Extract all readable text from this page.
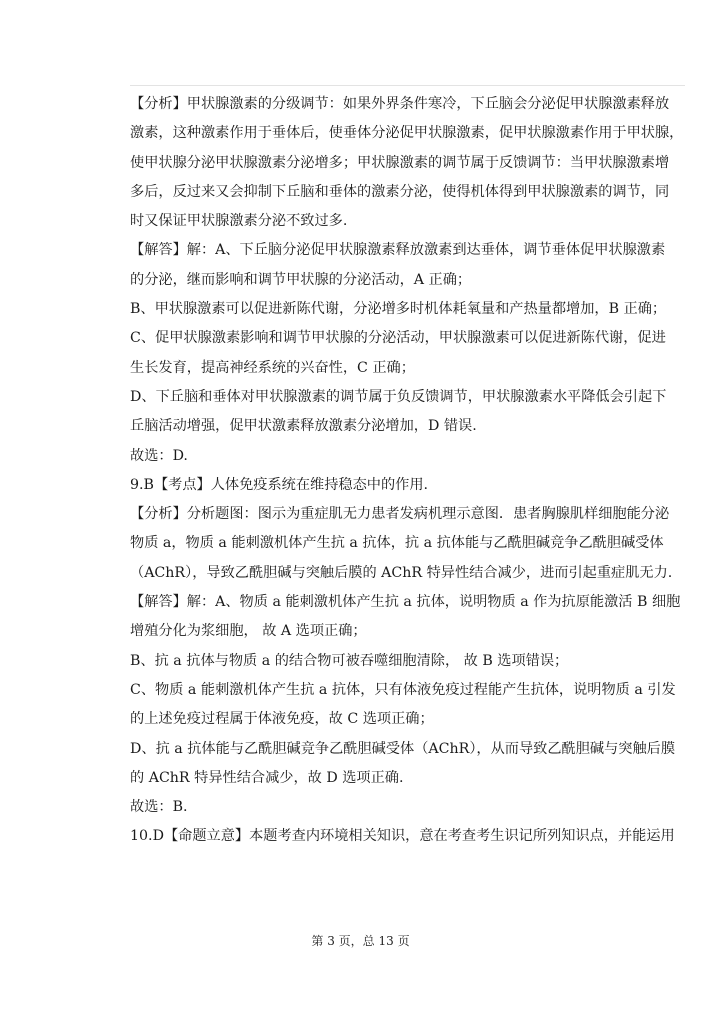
【分析】甲状腺激素的分级调节：如果外界条件寒冷，下丘脑会分泌促甲状腺激素释放
激素，这种激素作用于垂体后，使垂体分泌促甲状腺激素，促甲状腺激素作用于甲状腺，
使甲状腺分泌甲状腺激素分泌增多；甲状腺激素的调节属于反馈调节：当甲状腺激素增
多后，反过来又会抑制下丘脑和垂体的激素分泌，使得机体得到甲状腺激素的调节，同
时又保证甲状腺激素分泌不致过多.
【解答】解：A、下丘脑分泌促甲状腺激素释放激素到达垂体，调节垂体促甲状腺激素
的分泌，继而影响和调节甲状腺的分泌活动，A 正确；
B、甲状腺激素可以促进新陈代谢，分泌增多时机体耗氧量和产热量都增加，B 正确；
C、促甲状腺激素影响和调节甲状腺的分泌活动，甲状腺激素可以促进新陈代谢，促进
生长发育，提高神经系统的兴奋性，C 正确；
D、下丘脑和垂体对甲状腺激素的调节属于负反馈调节，甲状腺激素水平降低会引起下
丘脑活动增强，促甲状激素释放激素分泌增加，D 错误.
故选：D.
9.B【考点】人体免疫系统在维持稳态中的作用.
【分析】分析题图：图示为重症肌无力患者发病机理示意图．患者胸腺肌样细胞能分泌
物质 a，物质 a 能刺激机体产生抗 a 抗体，抗 a 抗体能与乙酰胆碱竞争乙酰胆碱受体
（AChR），导致乙酰胆碱与突触后膜的 AChR 特异性结合减少，进而引起重症肌无力.
【解答】解：A、物质 a 能刺激机体产生抗 a 抗体，说明物质 a 作为抗原能激活 B 细胞
增殖分化为浆细胞， 故 A 选项正确；
B、抗 a 抗体与物质 a 的结合物可被吞噬细胞清除， 故 B 选项错误；
C、物质 a 能刺激机体产生抗 a 抗体，只有体液免疫过程能产生抗体，说明物质 a 引发
的上述免疫过程属于体液免疫，故 C 选项正确；
D、抗 a 抗体能与乙酰胆碱竞争乙酰胆碱受体（AChR），从而导致乙酰胆碱与突触后膜
的 AChR 特异性结合减少，故 D 选项正确.
故选：B.
10.D【命题立意】本题考查内环境相关知识，意在考查考生识记所列知识点，并能运用
第 3 页，总 13 页
